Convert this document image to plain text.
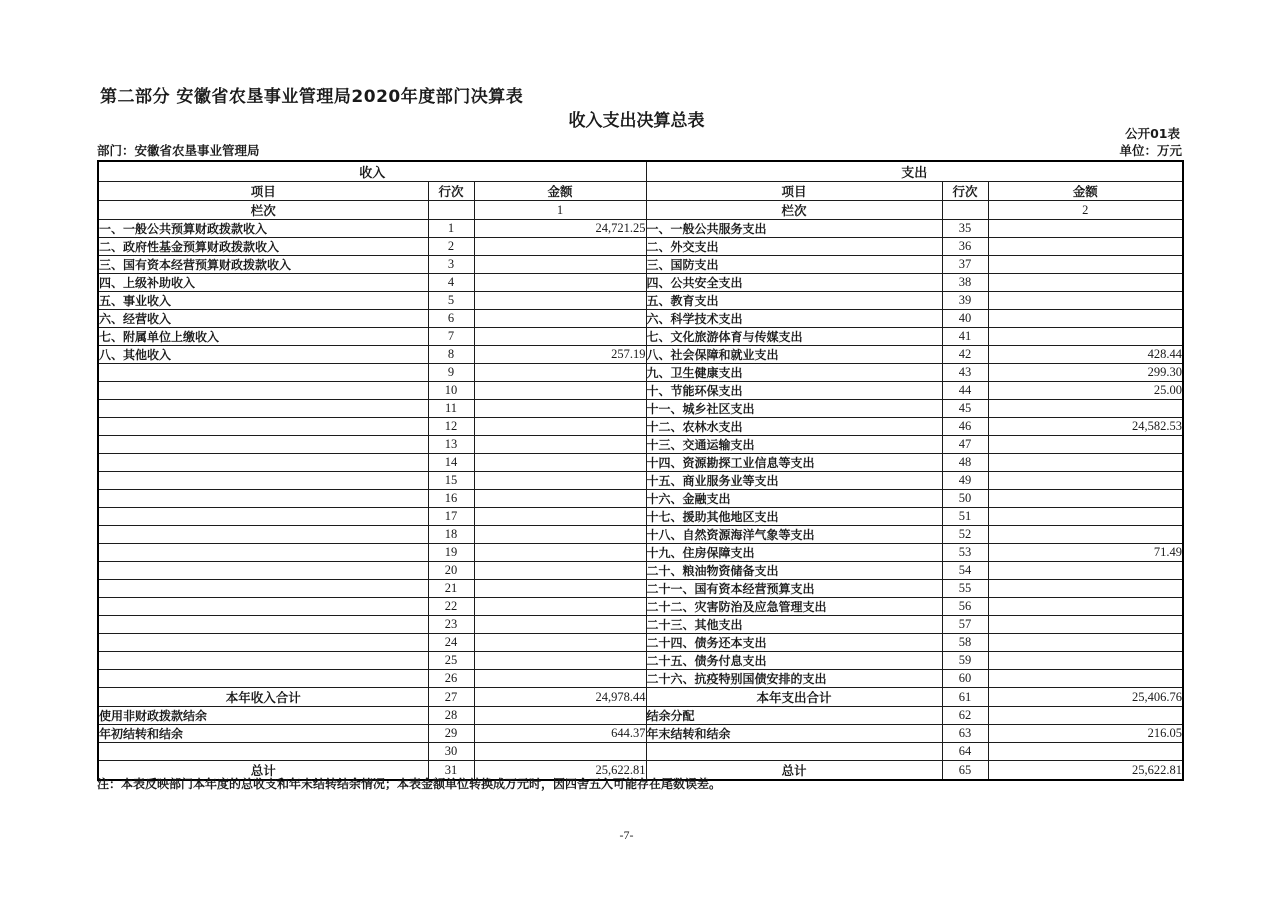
第二部分 安徽省农垦事业管理局2020年度部门决算表
收入支出决算总表
公开01表
部门：安徽省农垦事业管理局	单位：万元
收入			支出		
项目	行次	金额	项目	行次	金额
栏次		1	栏次		2
一、一般公共预算财政拨款收入	1	24,721.25	一、一般公共服务支出	35	
二、政府性基金预算财政拨款收入	2		二、外交支出	36	
三、国有资本经营预算财政拨款收入	3		三、国防支出	37	
四、上级补助收入	4		四、公共安全支出	38	
五、事业收入	5		五、教育支出	39	
六、经营收入	6		六、科学技术支出	40	
七、附属单位上缴收入	7		七、文化旅游体育与传媒支出	41	
八、其他收入	8	257.19	八、社会保障和就业支出	42	428.44
	9		九、卫生健康支出	43	299.30
	10		十、节能环保支出	44	25.00
	11		十一、城乡社区支出	45	
	12		十二、农林水支出	46	24,582.53
	13		十三、交通运输支出	47	
	14		十四、资源勘探工业信息等支出	48	
	15		十五、商业服务业等支出	49	
	16		十六、金融支出	50	
	17		十七、援助其他地区支出	51	
	18		十八、自然资源海洋气象等支出	52	
	19		十九、住房保障支出	53	71.49
	20		二十、粮油物资储备支出	54	
	21		二十一、国有资本经营预算支出	55	
	22		二十二、灾害防治及应急管理支出	56	
	23		二十三、其他支出	57	
	24		二十四、债务还本支出	58	
	25		二十五、债务付息支出	59	
	26		二十六、抗疫特别国债安排的支出	60	
本年收入合计	27	24,978.44	本年支出合计	61	25,406.76
使用非财政拨款结余	28		结余分配	62	
年初结转和结余	29	644.37	年末结转和结余	63	216.05
	30			64	
总计	31	25,622.81	总计	65	25,622.81
注：本表反映部门本年度的总收支和年末结转结余情况；本表金额单位转换成万元时，因四舍五入可能存在尾数误差。
-7-
